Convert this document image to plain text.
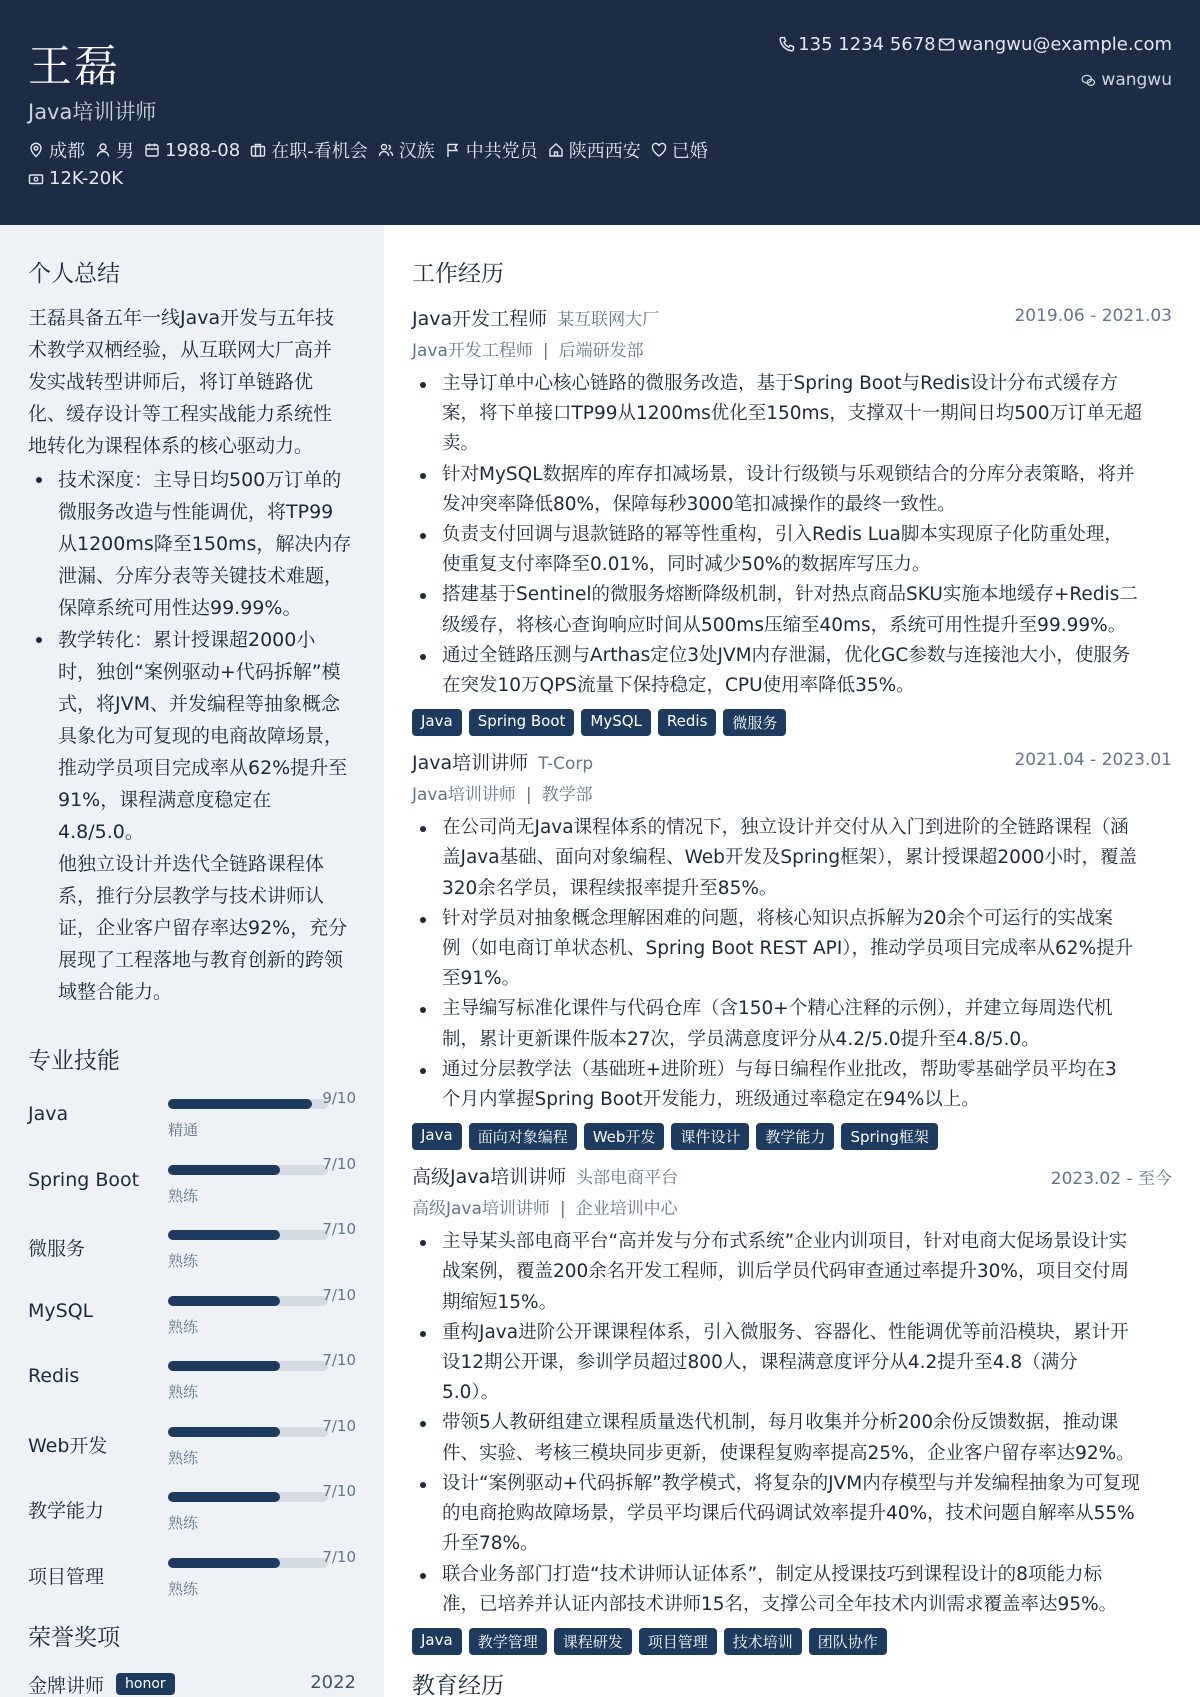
王磊
Java培训讲师
成都 男 1988-08 在职-看机会 汉族 中共党员 陕西西安 已婚
12K-20K
135 1234 5678 wangwu@example.com
wangwu
个人总结
王磊具备五年一线Java开发与五年技
术教学双栖经验，从互联网大厂高并
发实战转型讲师后，将订单链路优
化、缓存设计等工程实战能力系统性
地转化为课程体系的核心驱动力。
技术深度：主导日均500万订单的
微服务改造与性能调优，将TP99
从1200ms降至150ms，解决内存
泄漏、分库分表等关键技术难题，
保障系统可用性达99.99%。
教学转化：累计授课超2000小
时，独创“案例驱动+代码拆解”模
式，将JVM、并发编程等抽象概念
具象化为可复现的电商故障场景，
推动学员项目完成率从62%提升至
91%，课程满意度稳定在
4.8/5.0。
他独立设计并迭代全链路课程体
系，推行分层教学与技术讲师认
证，企业客户留存率达92%，充分
展现了工程落地与教育创新的跨领
域整合能力。
专业技能
Java
9/10
精通
Spring Boot
7/10
熟练
微服务
7/10
熟练
MySQL
7/10
熟练
Redis
7/10
熟练
Web开发
7/10
熟练
教学能力
7/10
熟练
项目管理
7/10
熟练
荣誉奖项
金牌讲师	honor	2022
工作经历
Java开发工程师 某互联网大厂	2019.06 - 2021.03
Java开发工程师 | 后端研发部
主导订单中心核心链路的微服务改造，基于Spring Boot与Redis设计分布式缓存方
案，将下单接口TP99从1200ms优化至150ms，支撑双十一期间日均500万订单无超
卖。
针对MySQL数据库的库存扣减场景，设计行级锁与乐观锁结合的分库分表策略，将并
发冲突率降低80%，保障每秒3000笔扣减操作的最终一致性。
负责支付回调与退款链路的幂等性重构，引入Redis Lua脚本实现原子化防重处理，
使重复支付率降至0.01%，同时减少50%的数据库写压力。
搭建基于Sentinel的微服务熔断降级机制，针对热点商品SKU实施本地缓存+Redis二
级缓存，将核心查询响应时间从500ms压缩至40ms，系统可用性提升至99.99%。
通过全链路压测与Arthas定位3处JVM内存泄漏，优化GC参数与连接池大小，使服务
在突发10万QPS流量下保持稳定，CPU使用率降低35%。
Java	Spring Boot	MySQL	Redis	微服务
Java培训讲师 T-Corp	2021.04 - 2023.01
Java培训讲师 | 教学部
在公司尚无Java课程体系的情况下，独立设计并交付从入门到进阶的全链路课程（涵
盖Java基础、面向对象编程、Web开发及Spring框架），累计授课超2000小时，覆盖
320余名学员，课程续报率提升至85%。
针对学员对抽象概念理解困难的问题，将核心知识点拆解为20余个可运行的实战案
例（如电商订单状态机、Spring Boot REST API），推动学员项目完成率从62%提升
至91%。
主导编写标准化课件与代码仓库（含150+个精心注释的示例），并建立每周迭代机
制，累计更新课件版本27次，学员满意度评分从4.2/5.0提升至4.8/5.0。
通过分层教学法（基础班+进阶班）与每日编程作业批改，帮助零基础学员平均在3
个月内掌握Spring Boot开发能力，班级通过率稳定在94%以上。
Java	面向对象编程	Web开发	课件设计	教学能力	Spring框架
高级Java培训讲师 头部电商平台	2023.02 - 至今
高级Java培训讲师 | 企业培训中心
主导某头部电商平台“高并发与分布式系统”企业内训项目，针对电商大促场景设计实
战案例，覆盖200余名开发工程师，训后学员代码审查通过率提升30%，项目交付周
期缩短15%。
重构Java进阶公开课课程体系，引入微服务、容器化、性能调优等前沿模块，累计开
设12期公开课，参训学员超过800人，课程满意度评分从4.2提升至4.8（满分
5.0）。
带领5人教研组建立课程质量迭代机制，每月收集并分析200余份反馈数据，推动课
件、实验、考核三模块同步更新，使课程复购率提高25%，企业客户留存率达92%。
设计“案例驱动+代码拆解”教学模式，将复杂的JVM内存模型与并发编程抽象为可复现
的电商抢购故障场景，学员平均课后代码调试效率提升40%，技术问题自解率从55%
升至78%。
联合业务部门打造“技术讲师认证体系”，制定从授课技巧到课程设计的8项能力标
准，已培养并认证内部技术讲师15名，支撑公司全年技术内训需求覆盖率达95%。
Java	教学管理	课程研发	项目管理	技术培训	团队协作
教育经历
